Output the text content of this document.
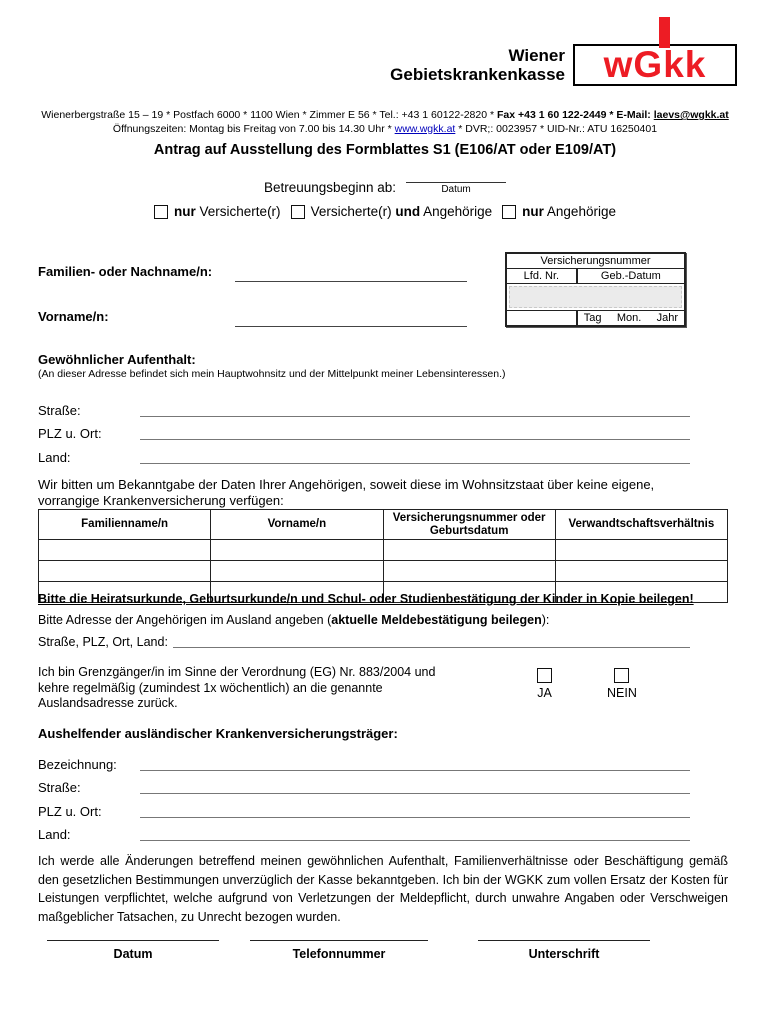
Wiener
Gebietskrankenkasse wGkk
Wienerbergstraße 15 – 19 * Postfach 6000 * 1100 Wien * Zimmer E 56 * Tel.: +43 1 60122-2820 * Fax +43 1 60 122-2449 * E-Mail: laevs@wgkk.at
Öffnungszeiten: Montag bis Freitag von 7.00 bis 14.30 Uhr * www.wgkk.at * DVR;: 0023957 * UID-Nr.: ATU 16250401
Antrag auf Ausstellung des Formblattes S1 (E106/AT oder E109/AT)
Betreuungsbeginn ab:	Datum
nur Versicherte(r) Versicherte(r) und Angehörige nur Angehörige
Familien- oder Nachname/n:
Vorname/n:
Versicherungsnummer
Lfd. Nr.	Geb.-Datum
Tag Mon. Jahr
Gewöhnlicher Aufenthalt:
(An dieser Adresse befindet sich mein Hauptwohnsitz und der Mittelpunkt meiner Lebensinteressen.)
Straße:
PLZ u. Ort:
Land:
Wir bitten um Bekanntgabe der Daten Ihrer Angehörigen, soweit diese im Wohnsitzstaat über keine eigene, vorrangige Krankenversicherung verfügen:
Familienname/n	Vorname/n	Versicherungsnummer oder Geburtsdatum	Verwandtschaftsverhältnis

Bitte die Heiratsurkunde, Geburtsurkunde/n und Schul- oder Studienbestätigung der Kinder in Kopie beilegen!
Bitte Adresse der Angehörigen im Ausland angeben (aktuelle Meldebestätigung beilegen):
Straße, PLZ, Ort, Land:
Ich bin Grenzgänger/in im Sinne der Verordnung (EG) Nr. 883/2004 und kehre regelmäßig (zumindest 1x wöchentlich) an die genannte Auslandsadresse zurück.
JA	NEIN
Aushelfender ausländischer Krankenversicherungsträger:
Bezeichnung:
Straße:
PLZ u. Ort:
Land:
Ich werde alle Änderungen betreffend meinen gewöhnlichen Aufenthalt, Familienverhältnisse oder Beschäftigung gemäß den gesetzlichen Bestimmungen unverzüglich der Kasse bekanntgeben. Ich bin der WGKK zum vollen Ersatz der Kosten für Leistungen verpflichtet, welche aufgrund von Verletzungen der Meldepflicht, durch unwahre Angaben oder Verschweigen maßgeblicher Tatsachen, zu Unrecht bezogen wurden.
Datum	Telefonnummer	Unterschrift
